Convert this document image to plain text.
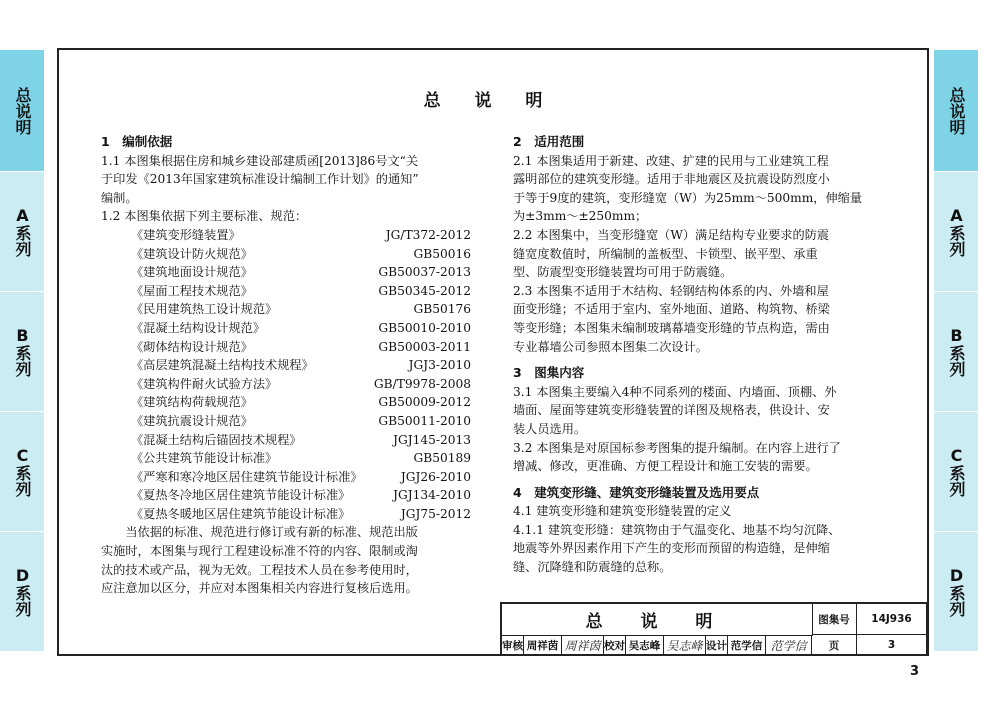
总说明
A系列
B系列
C系列
D系列
总说明
A系列
B系列
C系列
D系列
总 说 明
1　编制依据
1.1 本图集根据住房和城乡建设部建质函[2013]86号文“关
于印发《2013年国家建筑标准设计编制工作计划》的通知”
编制。
1.2 本图集依据下列主要标准、规范：
《建筑变形缝装置》	JG/T372-2012
《建筑设计防火规范》	GB50016
《建筑地面设计规范》	GB50037-2013
《屋面工程技术规范》	GB50345-2012
《民用建筑热工设计规范》	GB50176
《混凝土结构设计规范》	GB50010-2010
《砌体结构设计规范》	GB50003-2011
《高层建筑混凝土结构技术规程》	JGJ3-2010
《建筑构件耐火试验方法》	GB/T9978-2008
《建筑结构荷载规范》	GB50009-2012
《建筑抗震设计规范》	GB50011-2010
《混凝土结构后锚固技术规程》	JGJ145-2013
《公共建筑节能设计标准》	GB50189
《严寒和寒冷地区居住建筑节能设计标准》	JGJ26-2010
《夏热冬冷地区居住建筑节能设计标准》	JGJ134-2010
《夏热冬暖地区居住建筑节能设计标准》	JGJ75-2012
　　当依据的标准、规范进行修订或有新的标准、规范出版
实施时，本图集与现行工程建设标准不符的内容、限制或淘
汰的技术或产品，视为无效。工程技术人员在参考使用时，
应注意加以区分，并应对本图集相关内容进行复核后选用。
2　适用范围
2.1 本图集适用于新建、改建、扩建的民用与工业建筑工程
露明部位的建筑变形缝。适用于非地震区及抗震设防烈度小
于等于9度的建筑，变形缝宽（W）为25mm～500mm，伸缩量
为±3mm～±250mm；
2.2 本图集中，当变形缝宽（W）满足结构专业要求的防震
缝宽度数值时，所编制的盖板型、卡锁型、嵌平型、承重
型、防震型变形缝装置均可用于防震缝。
2.3 本图集不适用于木结构、轻钢结构体系的内、外墙和屋
面变形缝；不适用于室内、室外地面、道路、构筑物、桥梁
等变形缝；本图集未编制玻璃幕墙变形缝的节点构造，需由
专业幕墙公司参照本图集二次设计。
3　图集内容
3.1 本图集主要编入4种不同系列的楼面、内墙面、顶棚、外
墙面、屋面等建筑变形缝装置的详图及规格表，供设计、安
装人员选用。
3.2 本图集是对原国标参考图集的提升编制。在内容上进行了
增减、修改，更准确、方便工程设计和施工安装的需要。
4　建筑变形缝、建筑变形缝装置及选用要点
4.1 建筑变形缝和建筑变形缝装置的定义
4.1.1 建筑变形缝：建筑物由于气温变化、地基不均匀沉降、
地震等外界因素作用下产生的变形而预留的构造缝，是伸缩
缝、沉降缝和防震缝的总称。
总 说 明	图集号	14J936
审核 周祥茵 周祥茵 校对 吴志峰 吴志峰 设计 范学信 范学信	页	3
3
